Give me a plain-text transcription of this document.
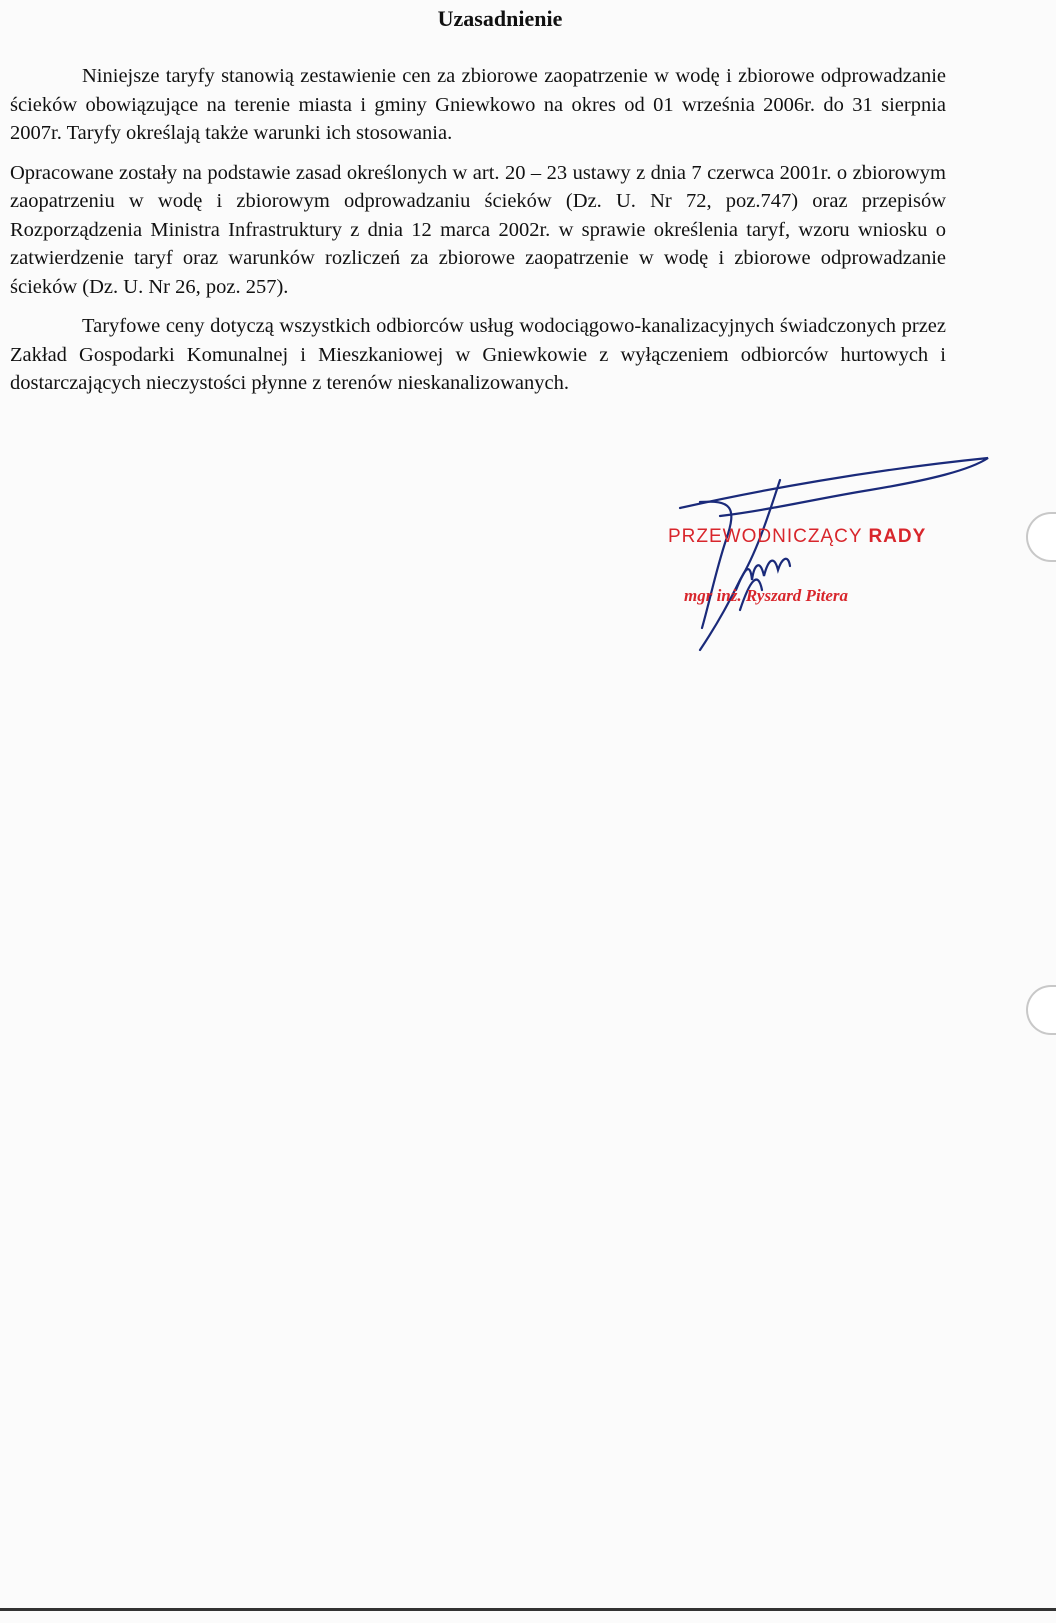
Uzasadnienie

Niniejsze taryfy stanowią zestawienie cen za zbiorowe zaopatrzenie w wodę i zbiorowe odprowadzanie ścieków obowiązujące na terenie miasta i gminy Gniewkowo na okres od 01 września 2006r. do 31 sierpnia 2007r. Taryfy określają także warunki ich stosowania.

Opracowane zostały na podstawie zasad określonych w art. 20 – 23 ustawy z dnia 7 czerwca 2001r. o zbiorowym zaopatrzeniu w wodę i zbiorowym odprowadzaniu ścieków (Dz. U. Nr 72, poz.747) oraz przepisów Rozporządzenia Ministra Infrastruktury z dnia 12 marca 2002r. w sprawie określenia taryf, wzoru wniosku o zatwierdzenie taryf oraz warunków rozliczeń za zbiorowe zaopatrzenie w wodę i zbiorowe odprowadzanie ścieków (Dz. U. Nr 26, poz. 257).

Taryfowe ceny dotyczą wszystkich odbiorców usług wodociągowo-kanalizacyjnych świadczonych przez Zakład Gospodarki Komunalnej i Mieszkaniowej w Gniewkowie z wyłączeniem odbiorców hurtowych i dostarczających nieczystości płynne z terenów nieskanalizowanych.

PRZEWODNICZĄCY RADY
mgr inż. Ryszard Pitera
